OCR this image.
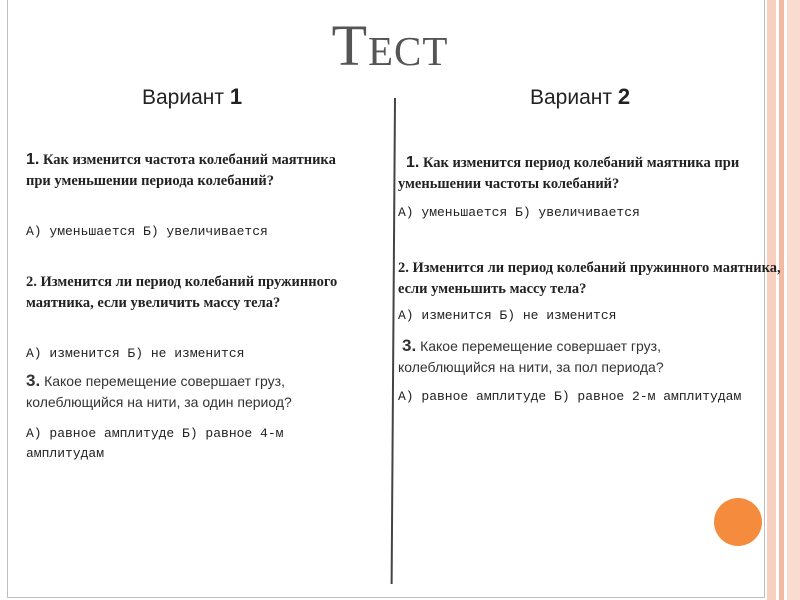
Тест
Вариант 1
1. Как изменится частота колебаний маятника при уменьшении периода колебаний?
А) уменьшается Б) увеличивается
2. Изменится ли период колебаний пружинного маятника, если увеличить массу тела?
А) изменится Б) не изменится
3. Какое перемещение совершает груз, колеблющийся на нити, за один период?
А) равное амплитуде Б) равное 4-м амплитудам
Вариант 2
1. Как изменится период колебаний маятника при уменьшении частоты колебаний?
А) уменьшается Б) увеличивается
2. Изменится ли период колебаний пружинного маятника, если уменьшить массу тела?
А) изменится Б) не изменится
3. Какое перемещение совершает груз, колеблющийся на нити, за пол периода?
А) равное амплитуде Б) равное 2-м амплитудам
